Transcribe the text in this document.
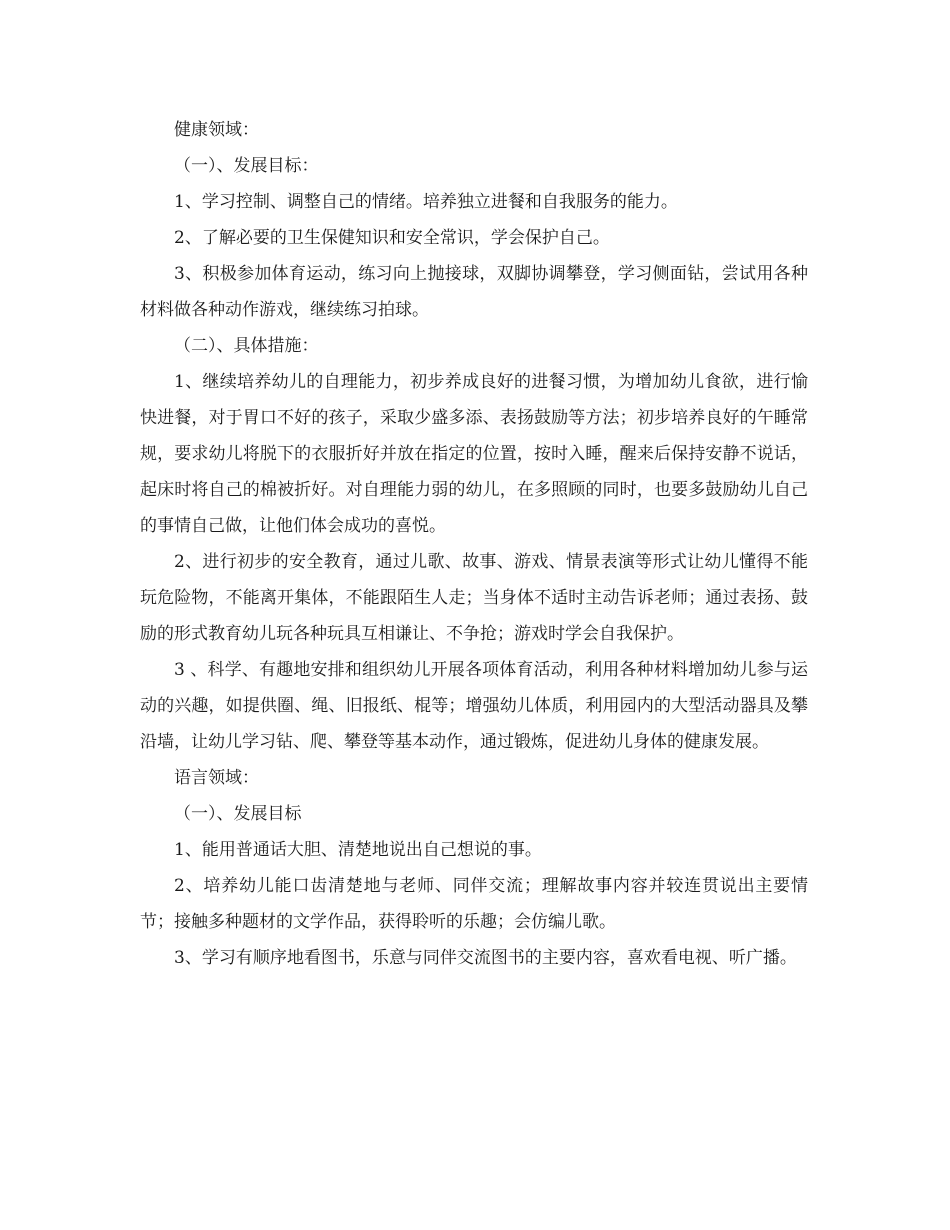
健康领域：

（一）、发展目标：

1、学习控制、调整自己的情绪。培养独立进餐和自我服务的能力。

2、了解必要的卫生保健知识和安全常识，学会保护自己。

3、积极参加体育运动，练习向上抛接球，双脚协调攀登，学习侧面钻，尝试用各种材料做各种动作游戏，继续练习拍球。

（二）、具体措施：

1、继续培养幼儿的自理能力，初步养成良好的进餐习惯，为增加幼儿食欲，进行愉快进餐，对于胃口不好的孩子，采取少盛多添、表扬鼓励等方法；初步培养良好的午睡常规，要求幼儿将脱下的衣服折好并放在指定的位置，按时入睡，醒来后保持安静不说话，起床时将自己的棉被折好。对自理能力弱的幼儿，在多照顾的同时，也要多鼓励幼儿自己的事情自己做，让他们体会成功的喜悦。

2、进行初步的安全教育，通过儿歌、故事、游戏、情景表演等形式让幼儿懂得不能玩危险物，不能离开集体，不能跟陌生人走；当身体不适时主动告诉老师；通过表扬、鼓励的形式教育幼儿玩各种玩具互相谦让、不争抢；游戏时学会自我保护。

3 、科学、有趣地安排和组织幼儿开展各项体育活动，利用各种材料增加幼儿参与运动的兴趣，如提供圈、绳、旧报纸、棍等；增强幼儿体质，利用园内的大型活动器具及攀沿墙，让幼儿学习钻、爬、攀登等基本动作，通过锻炼，促进幼儿身体的健康发展。

语言领域：

（一）、发展目标

1、能用普通话大胆、清楚地说出自己想说的事。

2、培养幼儿能口齿清楚地与老师、同伴交流；理解故事内容并较连贯说出主要情节；接触多种题材的文学作品，获得聆听的乐趣；会仿编儿歌。

3、学习有顺序地看图书，乐意与同伴交流图书的主要内容，喜欢看电视、听广播。
